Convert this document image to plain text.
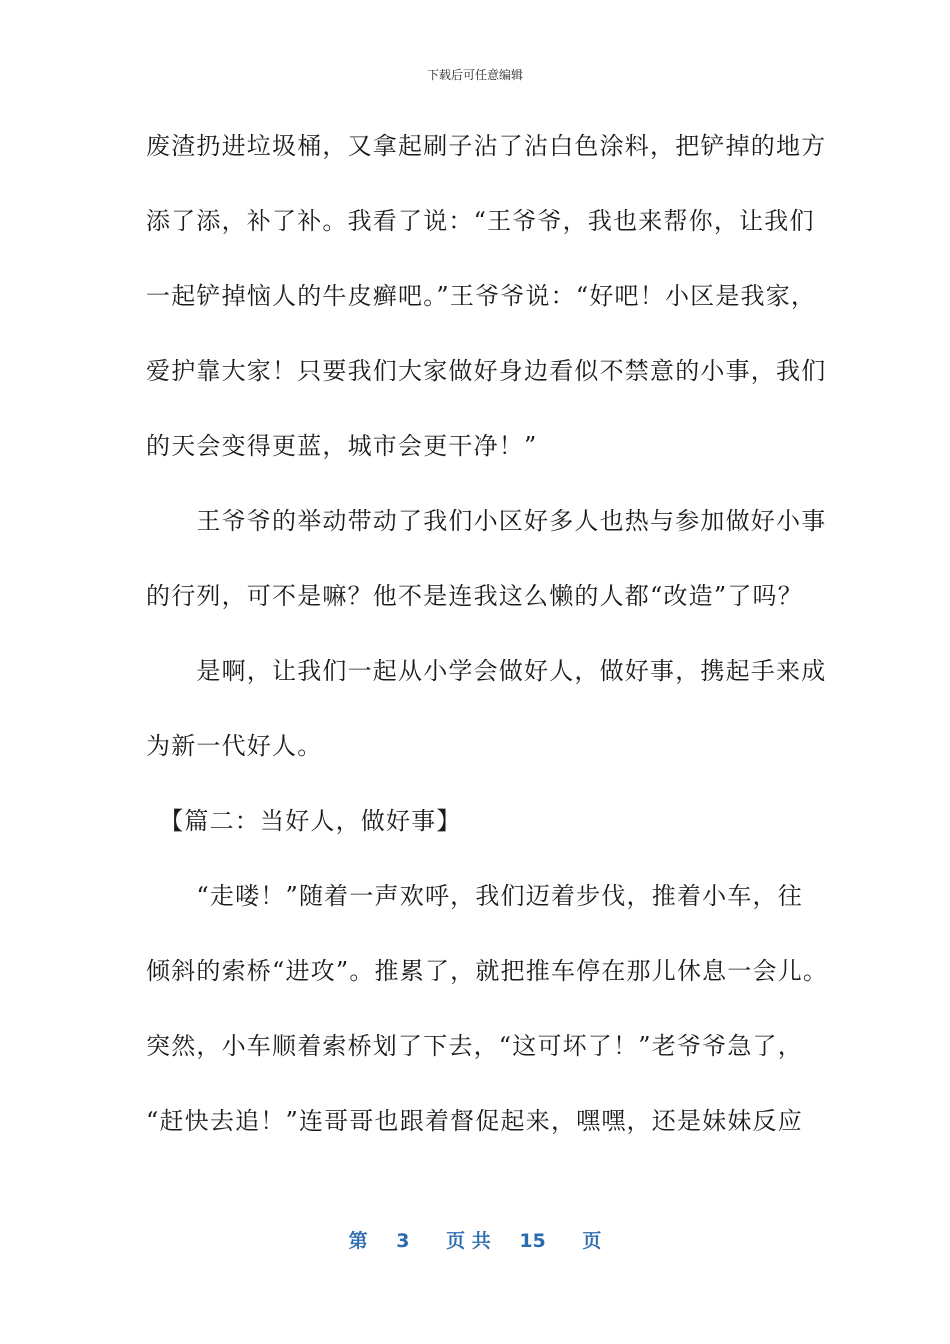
下载后可任意编辑
废渣扔进垃圾桶，又拿起刷子沾了沾白色涂料，把铲掉的地方
添了添，补了补。我看了说：“王爷爷，我也来帮你，让我们
一起铲掉恼人的牛皮癣吧。”王爷爷说：“好吧！小区是我家，
爱护靠大家！只要我们大家做好身边看似不禁意的小事，我们
的天会变得更蓝，城市会更干净！”
　　王爷爷的举动带动了我们小区好多人也热与参加做好小事
的行列，可不是嘛？他不是连我这么懒的人都“改造”了吗？
　　是啊，让我们一起从小学会做好人，做好事，携起手来成
为新一代好人。
　【篇二：当好人，做好事】
　　“走喽！”随着一声欢呼，我们迈着步伐，推着小车，往
倾斜的索桥“进攻”。推累了，就把推车停在那儿休息一会儿。
突然，小车顺着索桥划了下去，“这可坏了！”老爷爷急了，
“赶快去追！”连哥哥也跟着督促起来，嘿嘿，还是妹妹反应
第 3 页 共 15 页
